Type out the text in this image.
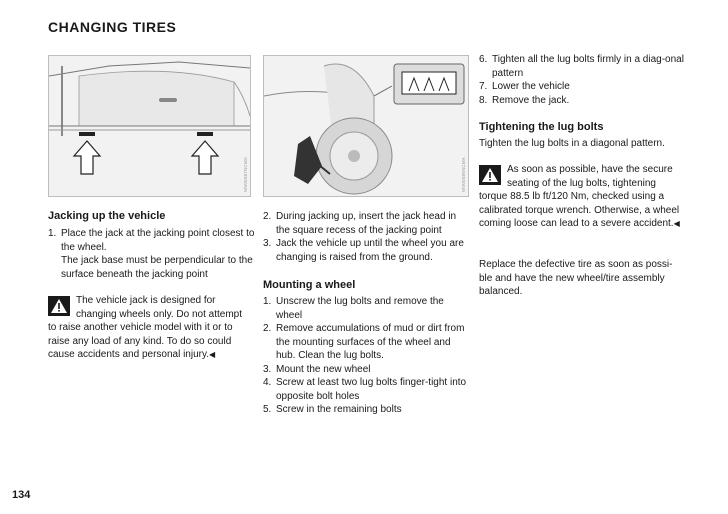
CHANGING TIRES
MV05587NCMA	MV05586NCMA
Jacking up the vehicle
1. Place the jack at the jacking point closest to the wheel.
The jack base must be perpendicular to the surface beneath the jacking point
The vehicle jack is designed for changing wheels only. Do not attempt to raise another vehicle model with it or to raise any load of any kind. To do so could cause accidents and personal injury.◀
2. During jacking up, insert the jack head in the square recess of the jacking point
3. Jack the vehicle up until the wheel you are changing is raised from the ground.
Mounting a wheel
1. Unscrew the lug bolts and remove the wheel
2. Remove accumulations of mud or dirt from the mounting surfaces of the wheel and hub. Clean the lug bolts.
3. Mount the new wheel
4. Screw at least two lug bolts finger-tight into opposite bolt holes
5. Screw in the remaining bolts
6. Tighten all the lug bolts firmly in a diag-onal pattern
7. Lower the vehicle
8. Remove the jack.
Tightening the lug bolts

Tighten the lug bolts in a diagonal pattern.

As soon as possible, have the secure seating of the lug bolts, tightening torque 88.5 lb ft/120 Nm, checked using a calibrated torque wrench. Otherwise, a wheel coming loose can lead to a severe accident.◀

Replace the defective tire as soon as possi-ble and have the new wheel/tire assembly balanced.

134
